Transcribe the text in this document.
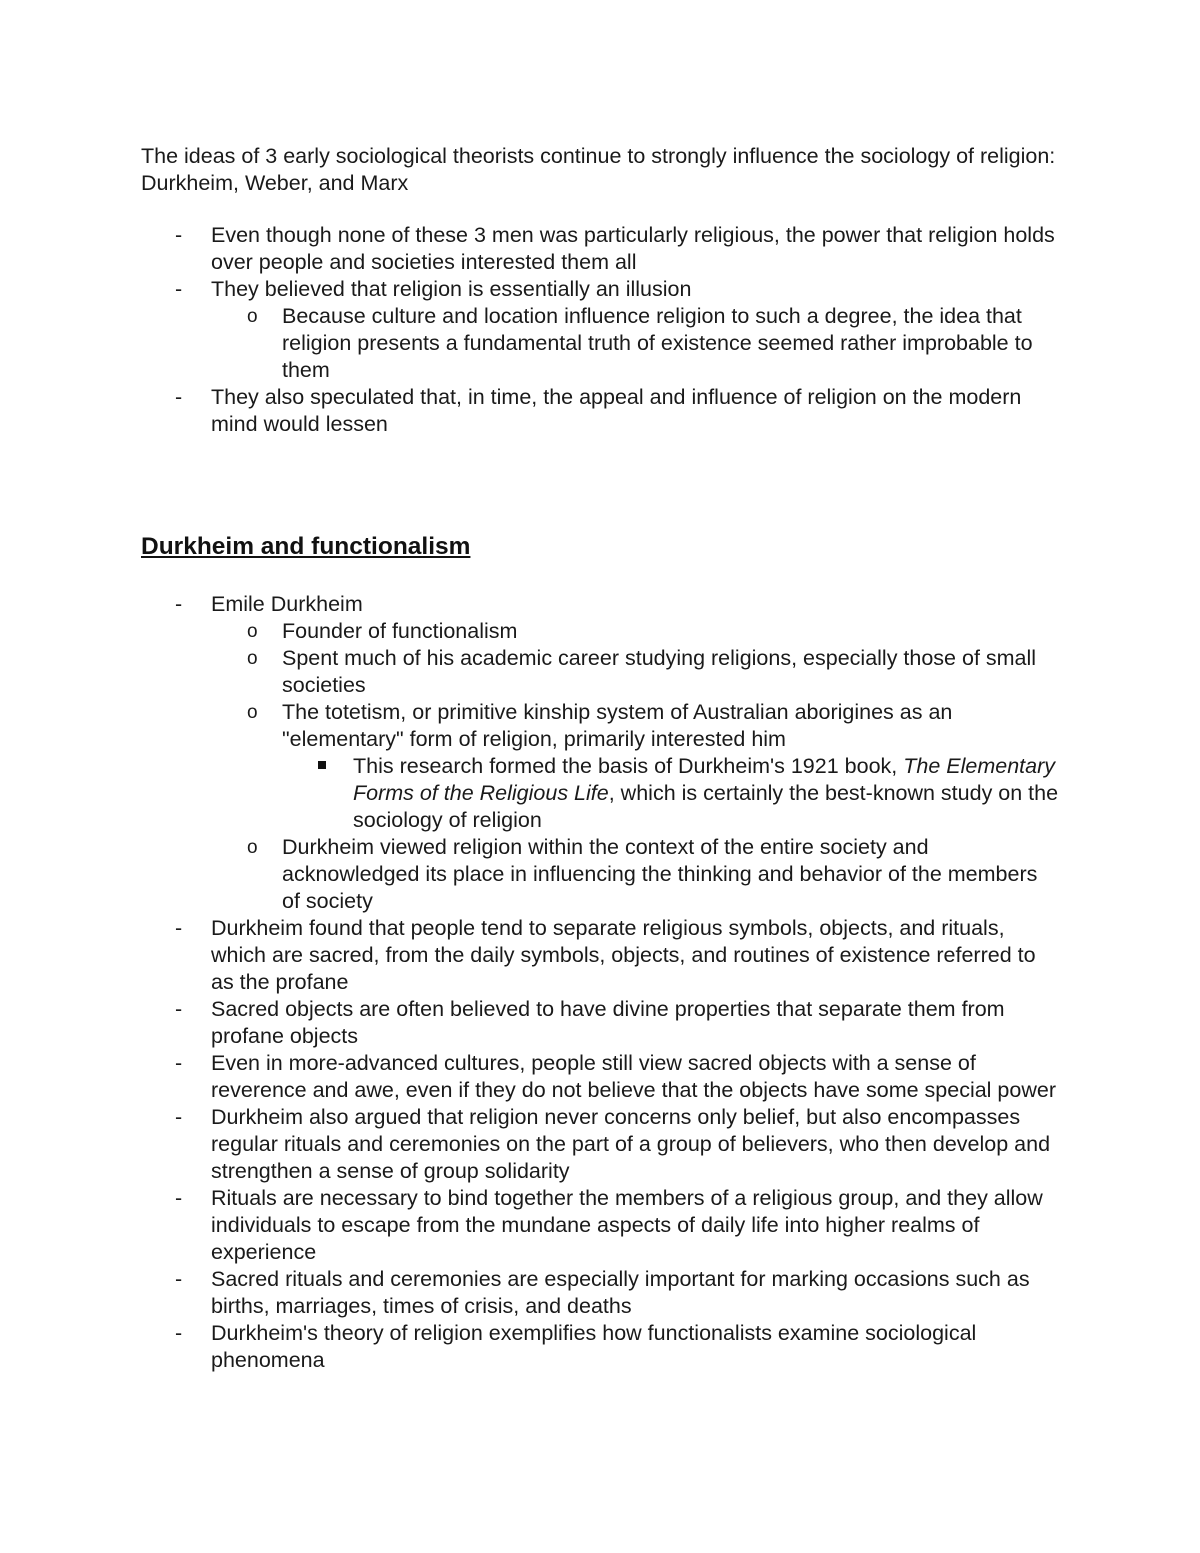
The ideas of 3 early sociological theorists continue to strongly influence the sociology of religion: Durkheim, Weber, and Marx

- Even though none of these 3 men was particularly religious, the power that religion holds over people and societies interested them all
- They believed that religion is essentially an illusion
o Because culture and location influence religion to such a degree, the idea that religion presents a fundamental truth of existence seemed rather improbable to them
- They also speculated that, in time, the appeal and influence of religion on the modern mind would lessen
Durkheim and functionalism
- Emile Durkheim
o Founder of functionalism
o Spent much of his academic career studying religions, especially those of small societies
o The totetism, or primitive kinship system of Australian aborigines as an "elementary" form of religion, primarily interested him
This research formed the basis of Durkheim's 1921 book, The Elementary Forms of the Religious Life, which is certainly the best-known study on the sociology of religion
o Durkheim viewed religion within the context of the entire society and acknowledged its place in influencing the thinking and behavior of the members of society
- Durkheim found that people tend to separate religious symbols, objects, and rituals, which are sacred, from the daily symbols, objects, and routines of existence referred to as the profane
- Sacred objects are often believed to have divine properties that separate them from profane objects
- Even in more-advanced cultures, people still view sacred objects with a sense of reverence and awe, even if they do not believe that the objects have some special power
- Durkheim also argued that religion never concerns only belief, but also encompasses regular rituals and ceremonies on the part of a group of believers, who then develop and strengthen a sense of group solidarity
- Rituals are necessary to bind together the members of a religious group, and they allow individuals to escape from the mundane aspects of daily life into higher realms of experience
- Sacred rituals and ceremonies are especially important for marking occasions such as births, marriages, times of crisis, and deaths
- Durkheim's theory of religion exemplifies how functionalists examine sociological phenomena
